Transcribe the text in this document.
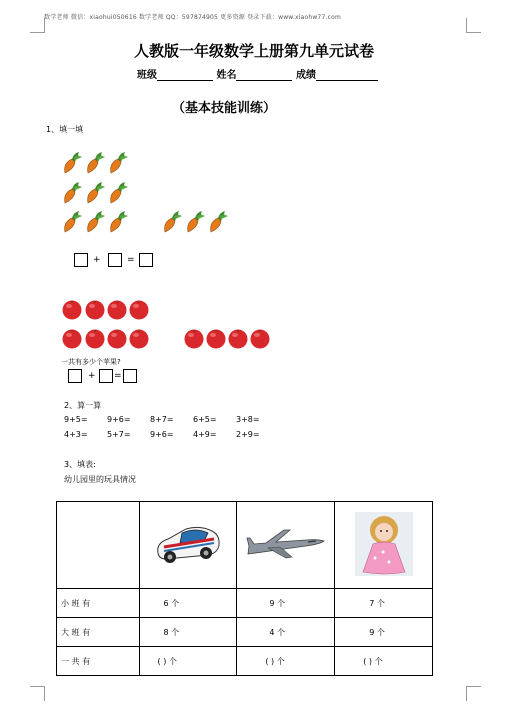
数学老师 微信：xiaohui050616 数学老师 QQ：597874905 更多资源 登录下载：www.xiaohw77.com
人教版一年级数学上册第九单元试卷
班级	姓名	成绩
（基本技能训练）
1、填一填
+	=
一共有多少个苹果?
+ =
2、算一算
9+5= 9+6= 8+7= 6+5= 3+8=
4+3= 5+7= 9+6= 4+9= 2+9=
3、填表:
幼儿园里的玩具情况

小 班 有	6 个	9 个	7 个
大 班 有	8 个	4 个	9 个
一 共 有	( ) 个	( ) 个	( ) 个
